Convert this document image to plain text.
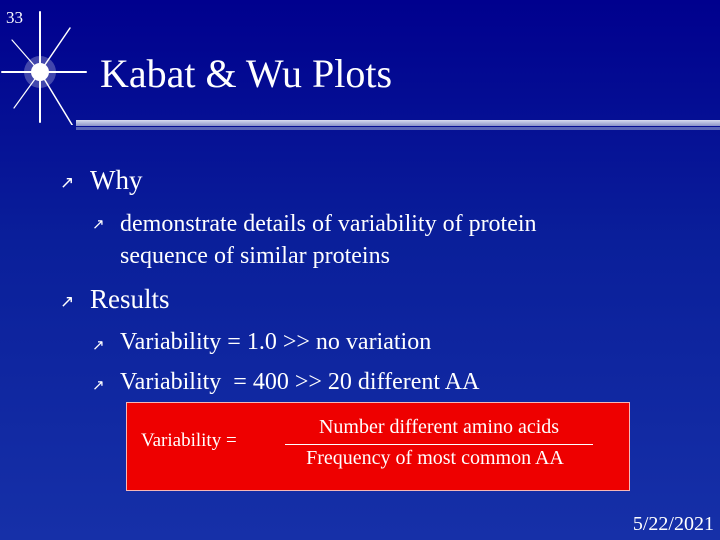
33
Kabat & Wu Plots
↗ Why
↗ demonstrate details of variability of protein sequence of similar proteins
↗ Results
↗ Variability = 1.0 >> no variation
↗ Variability  = 400 >> 20 different AA
Variability =
Number different amino acids
Frequency of most common AA
5/22/2021
